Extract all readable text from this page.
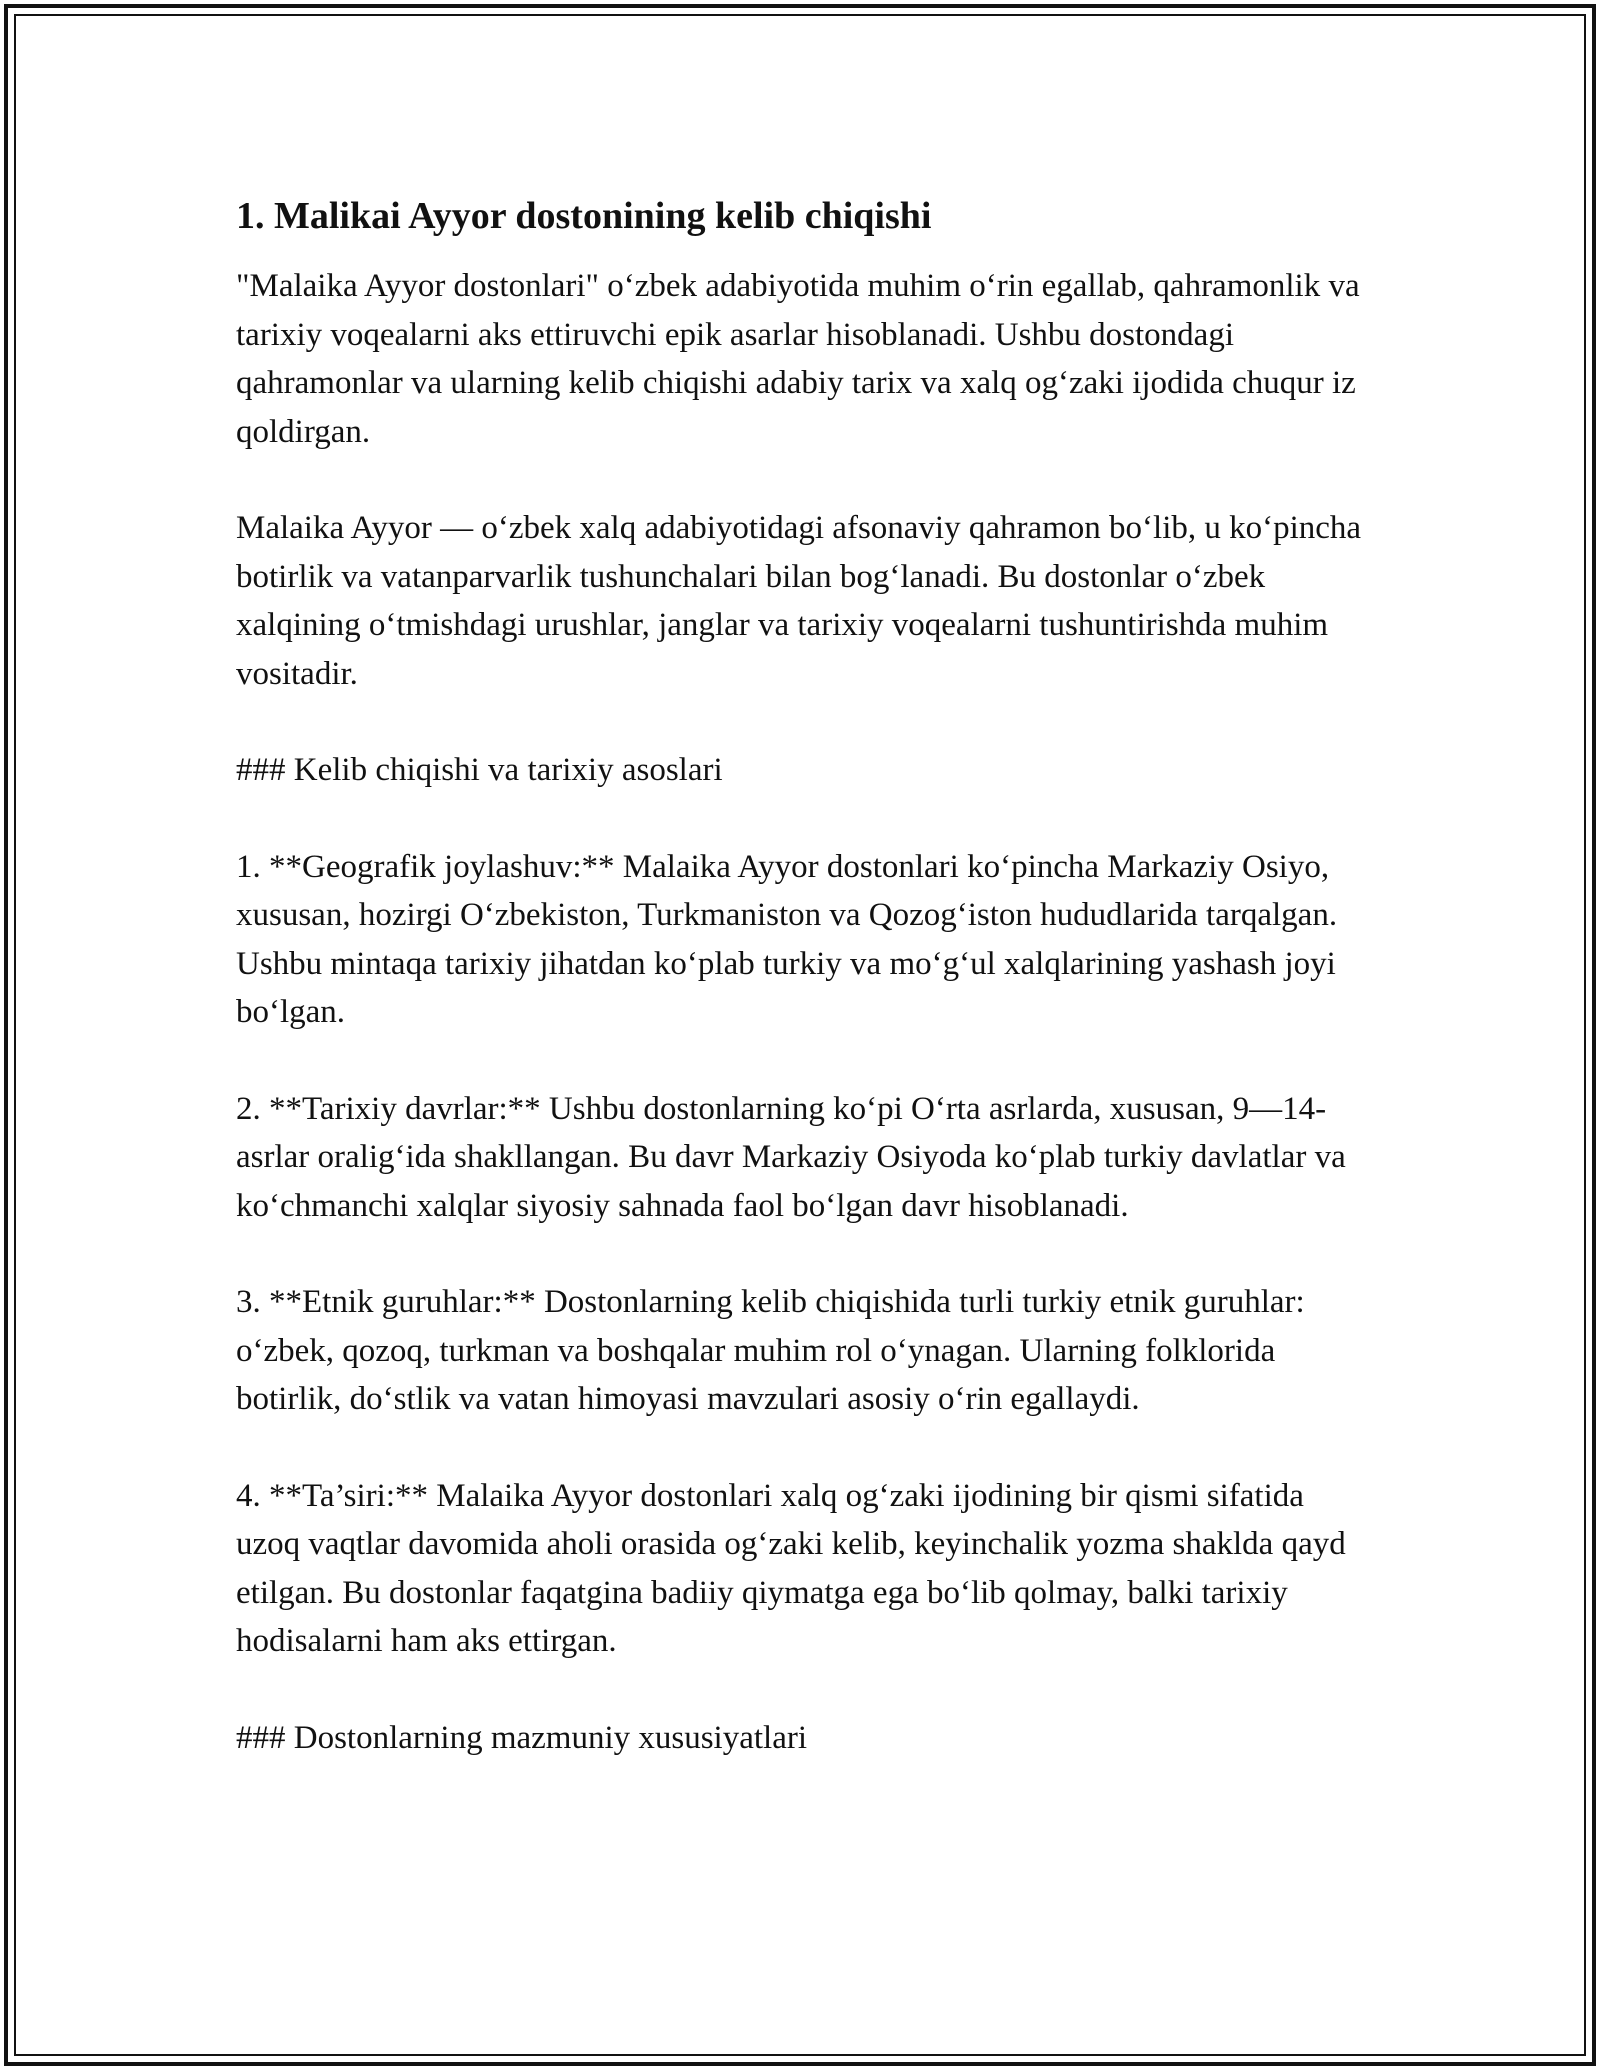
1. Malikai Ayyor dostonining kelib chiqishi

"Malaika Ayyor dostonlari" o‘zbek adabiyotida muhim o‘rin egallab, qahramonlik va tarixiy voqealarni aks ettiruvchi epik asarlar hisoblanadi. Ushbu dostondagi qahramonlar va ularning kelib chiqishi adabiy tarix va xalq og‘zaki ijodida chuqur iz qoldirgan.

Malaika Ayyor — o‘zbek xalq adabiyotidagi afsonaviy qahramon bo‘lib, u ko‘pincha botirlik va vatanparvarlik tushunchalari bilan bog‘lanadi. Bu dostonlar o‘zbek xalqining o‘tmishdagi urushlar, janglar va tarixiy voqealarni tushuntirishda muhim vositadir.

### Kelib chiqishi va tarixiy asoslari

1. **Geografik joylashuv:** Malaika Ayyor dostonlari ko‘pincha Markaziy Osiyo, xususan, hozirgi O‘zbekiston, Turkmaniston va Qozog‘iston hududlarida tarqalgan. Ushbu mintaqa tarixiy jihatdan ko‘plab turkiy va mo‘g‘ul xalqlarining yashash joyi bo‘lgan.

2. **Tarixiy davrlar:** Ushbu dostonlarning ko‘pi O‘rta asrlarda, xususan, 9—14-asrlar oralig‘ida shakllangan. Bu davr Markaziy Osiyoda ko‘plab turkiy davlatlar va ko‘chmanchi xalqlar siyosiy sahnada faol bo‘lgan davr hisoblanadi.

3. **Etnik guruhlar:** Dostonlarning kelib chiqishida turli turkiy etnik guruhlar: o‘zbek, qozoq, turkman va boshqalar muhim rol o‘ynagan. Ularning folklorida botirlik, do‘stlik va vatan himoyasi mavzulari asosiy o‘rin egallaydi.

4. **Ta’siri:** Malaika Ayyor dostonlari xalq og‘zaki ijodining bir qismi sifatida uzoq vaqtlar davomida aholi orasida og‘zaki kelib, keyinchalik yozma shaklda qayd etilgan. Bu dostonlar faqatgina badiiy qiymatga ega bo‘lib qolmay, balki tarixiy hodisalarni ham aks ettirgan.

### Dostonlarning mazmuniy xususiyatlari
